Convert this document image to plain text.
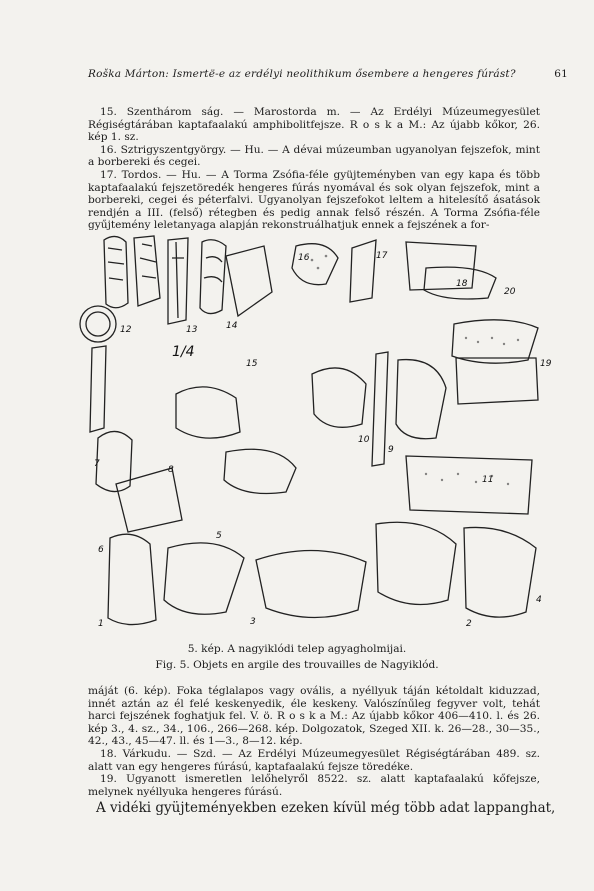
Roška Márton: Ismertë-e az erdélyi neolithikum ősembere a hengeres fúrást?	61

15. Szenthárom ság. — Marostorda m. — Az Erdélyi Múzeumegyesület Régiségtárában kaptafaalakú amphibolitfejsze. R o s k a M.: Az újabb kőkor, 26. kép 1. sz.

16. Sztrigyszentgyörgy. — Hu. — A dévai múzeumban ugyanolyan fejszefok, mint a borbereki és cegei.

17. Tordos. — Hu. — A Torma Zsófia-féle gyüjteményben van egy kapa és több kaptafaalakú fejszetöredék hengeres fúrás nyomával és sok olyan fejszefok, mint a borbereki, cegei és péterfalvi. Ugyanolyan fejszefokot leltem a hitelesítő ásatások rendjén a III. (felső) rétegben és pedig annak felső részén. A Torma Zsófia-féle gyűjtemény leletanyaga alapján rekonstruálhatjuk ennek a fejszének a for-

17
16
18
20
19
12	13	14
15
1/4
10
9
11
7
8
6
5
1	3	2
4
5. kép. A nagyiklódi telep agyagholmijai.
Fig. 5. Objets en argile des trouvailles de Nagyiklód.

máját (6. kép). Foka téglalapos vagy ovális, a nyéllyuk táján kétoldalt kiduzzad, innét aztán az él felé keskenyedik, éle keskeny. Valószínűleg fegyver volt, tehát harci fejszének foghatjuk fel. V. ö. R o s k a M.: Az újabb kőkor 406—410. l. és 26. kép 3., 4. sz., 34., 106., 266—268. kép. Dolgozatok, Szeged XII. k. 26—28., 30—35., 42., 43., 45—47. ll. és 1—3., 8—12. kép.

18. Várkudu. — Szd. — Az Erdélyi Múzeumegyesület Régiségtárában 489. sz. alatt van egy hengeres fúrású, kaptafaalakú fejsze töredéke.

19. Ugyanott ismeretlen lelőhelyről 8522. sz. alatt kaptafaalakú kőfejsze, melynek nyéllyuka hengeres fúrású.

A vidéki gyüjteményekben ezeken kívül még több adat lappanghat,
